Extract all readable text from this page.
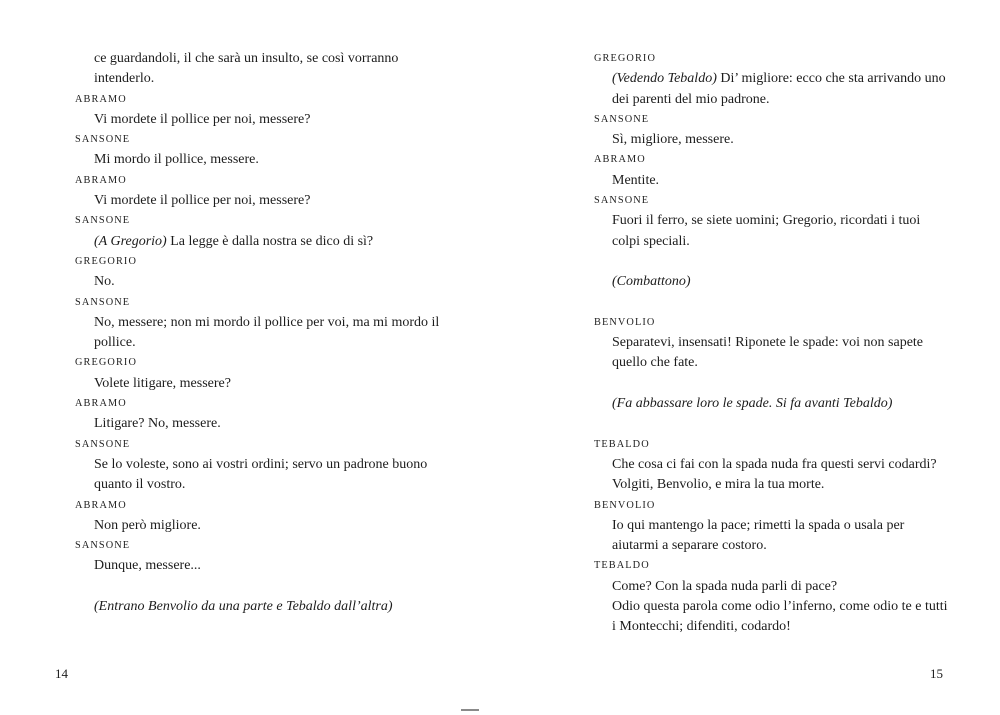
ce guardandoli, il che sarà un insulto, se così vorranno intenderlo.
ABRAMO
Vi mordete il pollice per noi, messere?
SANSONE
Mi mordo il pollice, messere.
ABRAMO
Vi mordete il pollice per noi, messere?
SANSONE
(A Gregorio) La legge è dalla nostra se dico di sì?
GREGORIO
No.
SANSONE
No, messere; non mi mordo il pollice per voi, ma mi mordo il pollice.
GREGORIO
Volete litigare, messere?
ABRAMO
Litigare? No, messere.
SANSONE
Se lo voleste, sono ai vostri ordini; servo un padrone buono quanto il vostro.
ABRAMO
Non però migliore.
SANSONE
Dunque, messere...
(Entrano Benvolio da una parte e Tebaldo dall’altra)
GREGORIO
(Vedendo Tebaldo) Di’ migliore: ecco che sta arrivando uno dei parenti del mio padrone.
SANSONE
Sì, migliore, messere.
ABRAMO
Mentite.
SANSONE
Fuori il ferro, se siete uomini; Gregorio, ricordati i tuoi colpi speciali.
(Combattono)
BENVOLIO
Separatevi, insensati! Riponete le spade: voi non sapete quello che fate.
(Fa abbassare loro le spade. Si fa avanti Tebaldo)
TEBALDO
Che cosa ci fai con la spada nuda fra questi servi codardi? Volgiti, Benvolio, e mira la tua morte.
BENVOLIO
Io qui mantengo la pace; rimetti la spada o usala per aiutarmi a separare costoro.
TEBALDO
Come? Con la spada nuda parli di pace?
Odio questa parola come odio l’inferno, come odio te e tutti i Montecchi; difenditi, codardo!
14	15
